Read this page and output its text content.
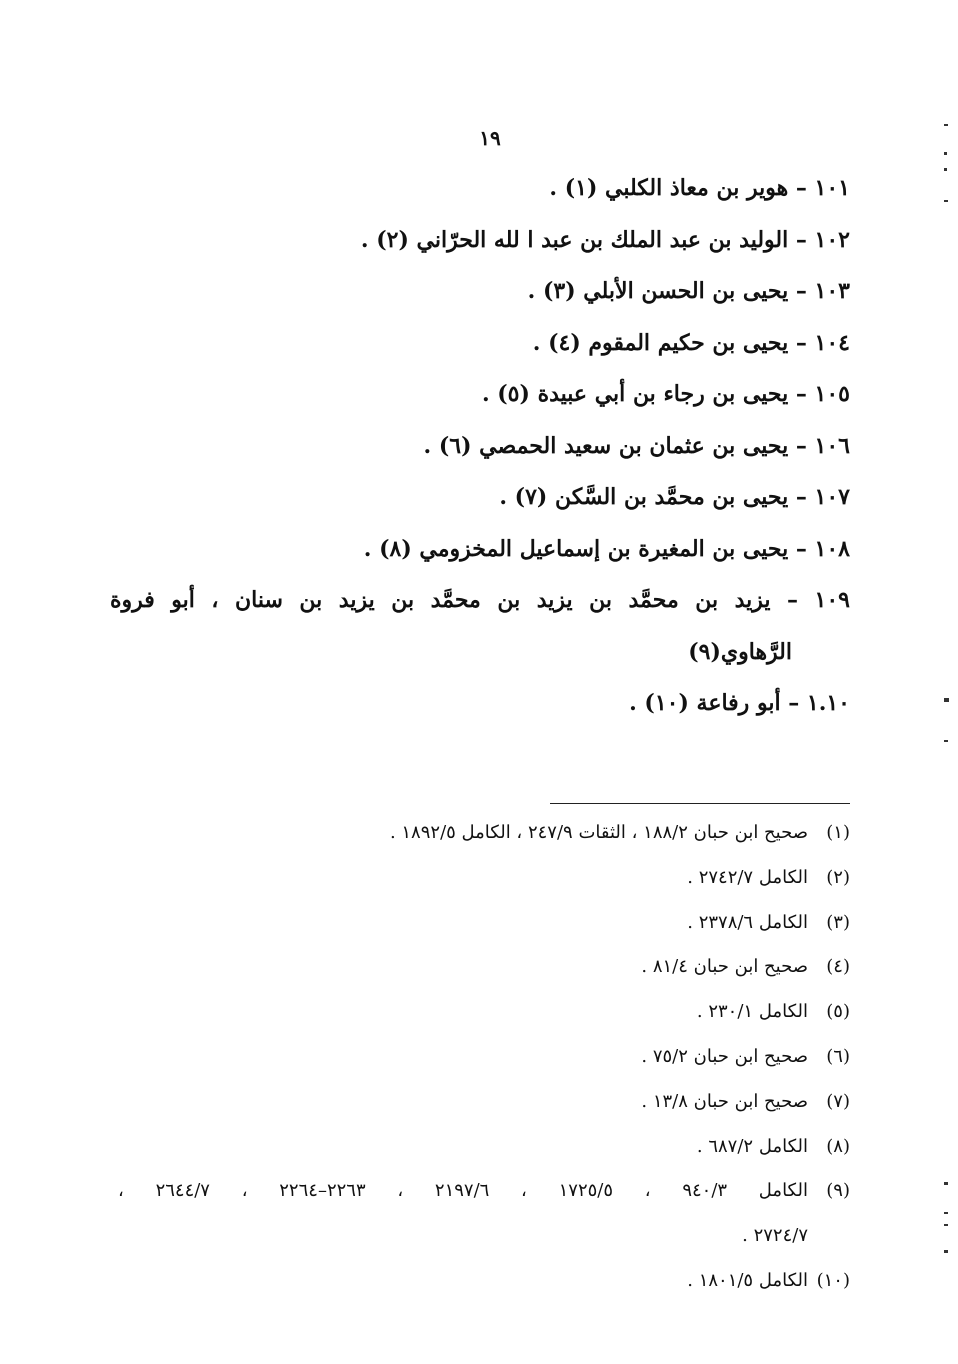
١٩
١٠١ – هوير بن معاذ الكلبي (١) .
١٠٢ – الوليد بن عبد الملك بن عبد ا لله الحرّاني (٢) .
١٠٣ – يحيى بن الحسن الأبلي (٣) .
١٠٤ – يحيى بن حكيم المقوم (٤) .
١٠٥ – يحيى بن رجاء بن أبي عبيدة (٥) .
١٠٦ – يحيى بن عثمان بن سعيد الحمصي (٦) .
١٠٧ – يحيى بن محمَّد بن السَّكن (٧) .
١٠٨ – يحيى بن المغيرة بن إسماعيل المخزومي (٨) .
١٠٩ – يزيد بن محمَّد بن يزيد بن محمَّد بن يزيد بن سنان ، أبو فروة
الرَّهاوي(٩)
١.١٠ – أبو رفاعة (١٠) .
(١)صحيح ابن حبان ١٨٨/٢ ، الثقات ٢٤٧/٩ ، الكامل ١٨٩٢/٥ .
(٢)الكامل ٢٧٤٢/٧ .
(٣)الكامل ٢٣٧٨/٦ .
(٤)صحيح ابن حبان ٨١/٤ .
(٥)الكامل ٢٣٠/١ .
(٦)صحيح ابن حبان ٧٥/٢ .
(٧)صحيح ابن حبان ١٣/٨ .
(٨)الكامل ٦٨٧/٢ .
(٩)الكامل ٩٤٠/٣ ، ١٧٢٥/٥ ، ٢١٩٧/٦ ، ٢٢٦٣–٢٢٦٤ ، ٢٦٤٤/٧ ،
٢٧٢٤/٧ .
(١٠)الكامل ١٨٠١/٥ .
